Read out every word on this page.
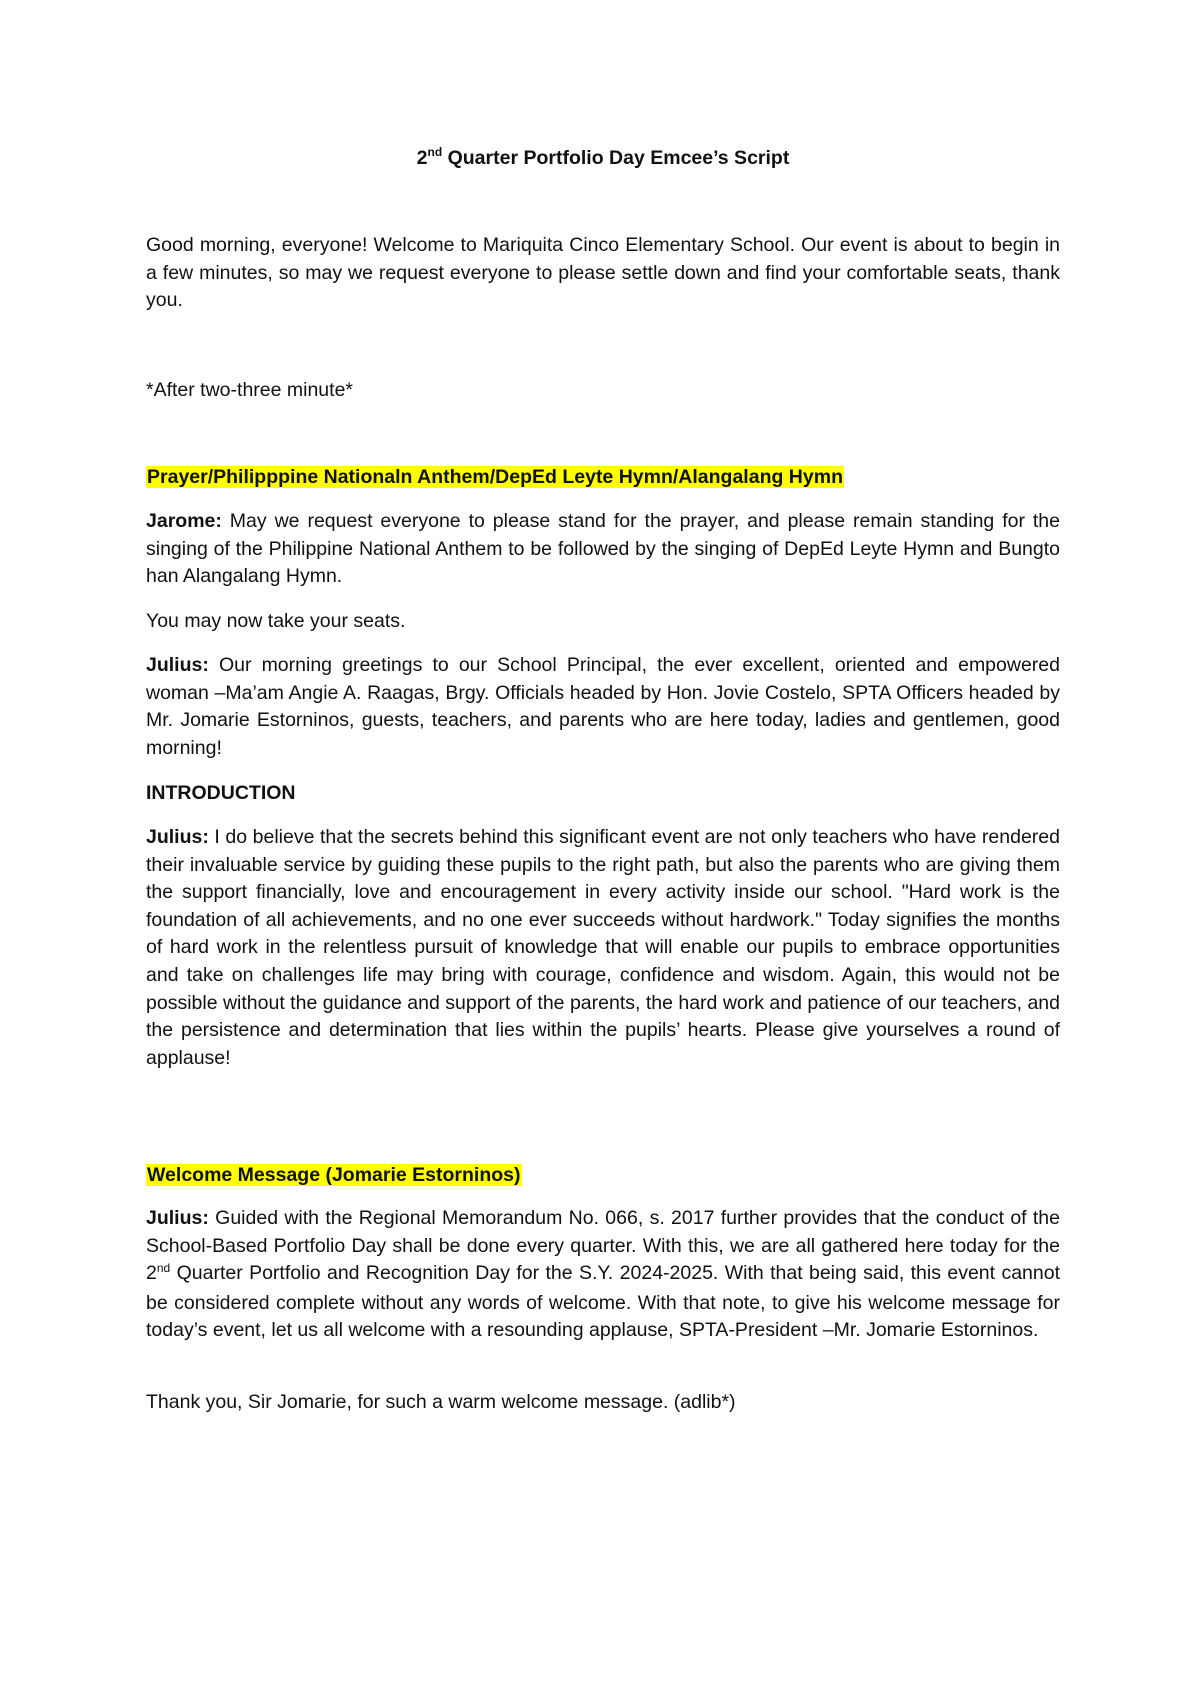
2nd Quarter Portfolio Day Emcee’s Script

Good morning, everyone! Welcome to Mariquita Cinco Elementary School. Our event is about to begin in a few minutes, so may we request everyone to please settle down and find your comfortable seats, thank you.

*After two-three minute*

Prayer/Philipppine Nationaln Anthem/DepEd Leyte Hymn/Alangalang Hymn

Jarome: May we request everyone to please stand for the prayer, and please remain standing for the singing of the Philippine National Anthem to be followed by the singing of DepEd Leyte Hymn and Bungto han Alangalang Hymn.

You may now take your seats.

Julius: Our morning greetings to our School Principal, the ever excellent, oriented and empowered woman –Ma’am Angie A. Raagas, Brgy. Officials headed by Hon. Jovie Costelo, SPTA Officers headed by Mr. Jomarie Estorninos, guests, teachers, and parents who are here today, ladies and gentlemen, good morning!

INTRODUCTION

Julius: I do believe that the secrets behind this significant event are not only teachers who have rendered their invaluable service by guiding these pupils to the right path, but also the parents who are giving them the support financially, love and encouragement in every activity inside our school. "Hard work is the foundation of all achievements, and no one ever succeeds without hardwork." Today signifies the months of hard work in the relentless pursuit of knowledge that will enable our pupils to embrace opportunities and take on challenges life may bring with courage, confidence and wisdom. Again, this would not be possible without the guidance and support of the parents, the hard work and patience of our teachers, and the persistence and determination that lies within the pupils’ hearts. Please give yourselves a round of applause!

Welcome Message (Jomarie Estorninos)

Julius: Guided with the Regional Memorandum No. 066, s. 2017 further provides that the conduct of the School-Based Portfolio Day shall be done every quarter. With this, we are all gathered here today for the 2nd Quarter Portfolio and Recognition Day for the S.Y. 2024-2025. With that being said, this event cannot be considered complete without any words of welcome. With that note, to give his welcome message for today’s event, let us all welcome with a resounding applause, SPTA-President –Mr. Jomarie Estorninos.

Thank you, Sir Jomarie, for such a warm welcome message. (adlib*)
